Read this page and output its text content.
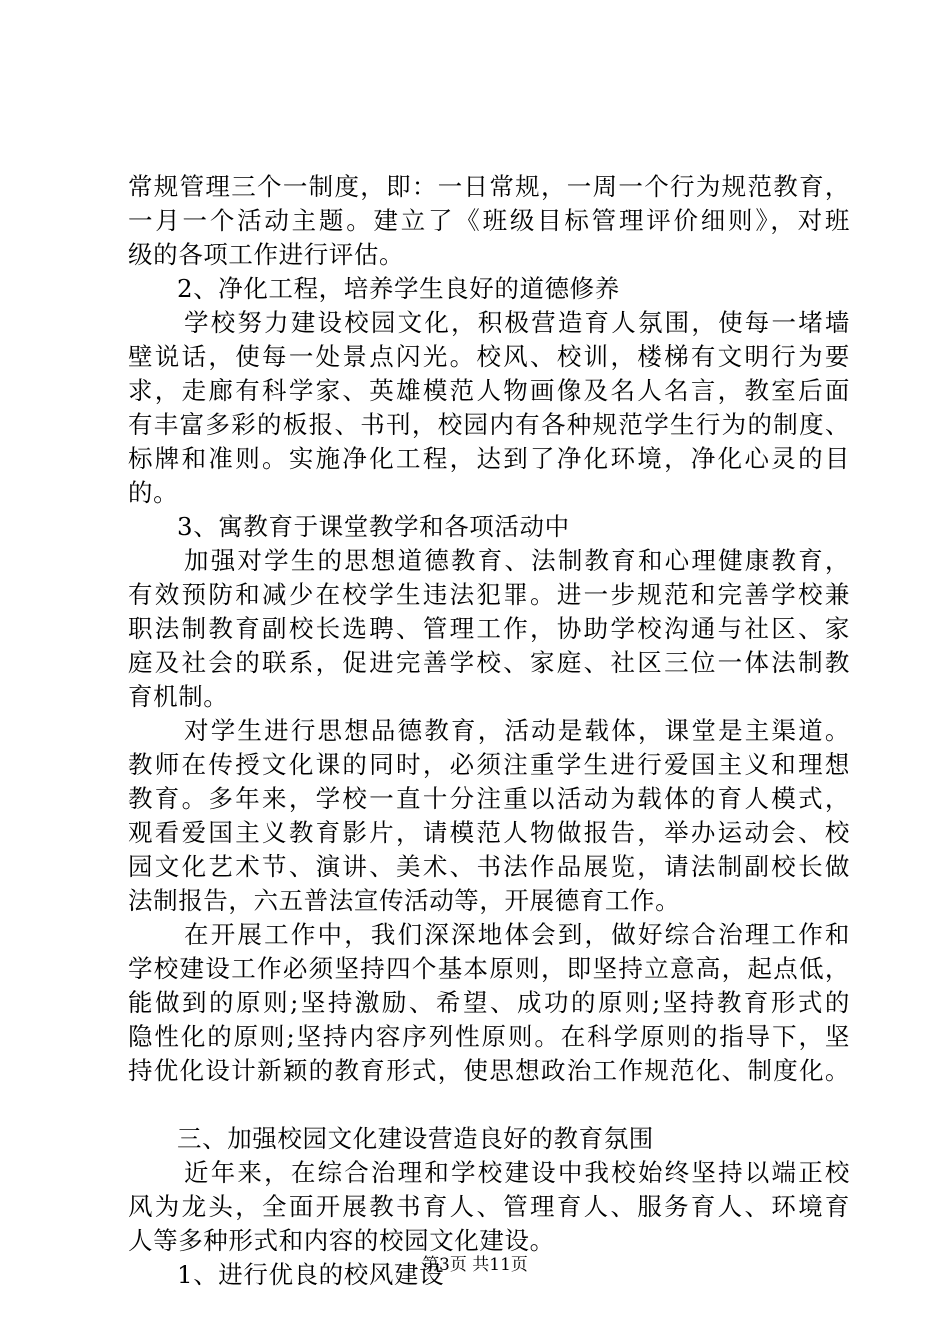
常规管理三个一制度，即：一日常规，一周一个行为规范教育，
一月一个活动主题。建立了《班级目标管理评价细则》，对班
级的各项工作进行评估。
2、净化工程，培养学生良好的道德修养
学校努力建设校园文化，积极营造育人氛围，使每一堵墙
壁说话，使每一处景点闪光。校风、校训，楼梯有文明行为要
求，走廊有科学家、英雄模范人物画像及名人名言，教室后面
有丰富多彩的板报、书刊，校园内有各种规范学生行为的制度、
标牌和准则。实施净化工程，达到了净化环境，净化心灵的目
的。
3、寓教育于课堂教学和各项活动中
加强对学生的思想道德教育、法制教育和心理健康教育，
有效预防和减少在校学生违法犯罪。进一步规范和完善学校兼
职法制教育副校长选聘、管理工作，协助学校沟通与社区、家
庭及社会的联系，促进完善学校、家庭、社区三位一体法制教
育机制。
对学生进行思想品德教育，活动是载体，课堂是主渠道。
教师在传授文化课的同时，必须注重学生进行爱国主义和理想
教育。多年来，学校一直十分注重以活动为载体的育人模式，
观看爱国主义教育影片，请模范人物做报告，举办运动会、校
园文化艺术节、演讲、美术、书法作品展览，请法制副校长做
法制报告，六五普法宣传活动等，开展德育工作。
在开展工作中，我们深深地体会到，做好综合治理工作和
学校建设工作必须坚持四个基本原则，即坚持立意高，起点低，
能做到的原则;坚持激励、希望、成功的原则;坚持教育形式的
隐性化的原则;坚持内容序列性原则。在科学原则的指导下，坚
持优化设计新颖的教育形式，使思想政治工作规范化、制度化。
三、加强校园文化建设营造良好的教育氛围
近年来，在综合治理和学校建设中我校始终坚持以端正校
风为龙头，全面开展教书育人、管理育人、服务育人、环境育
人等多种形式和内容的校园文化建设。
1、进行优良的校风建设
第3页 共11页
